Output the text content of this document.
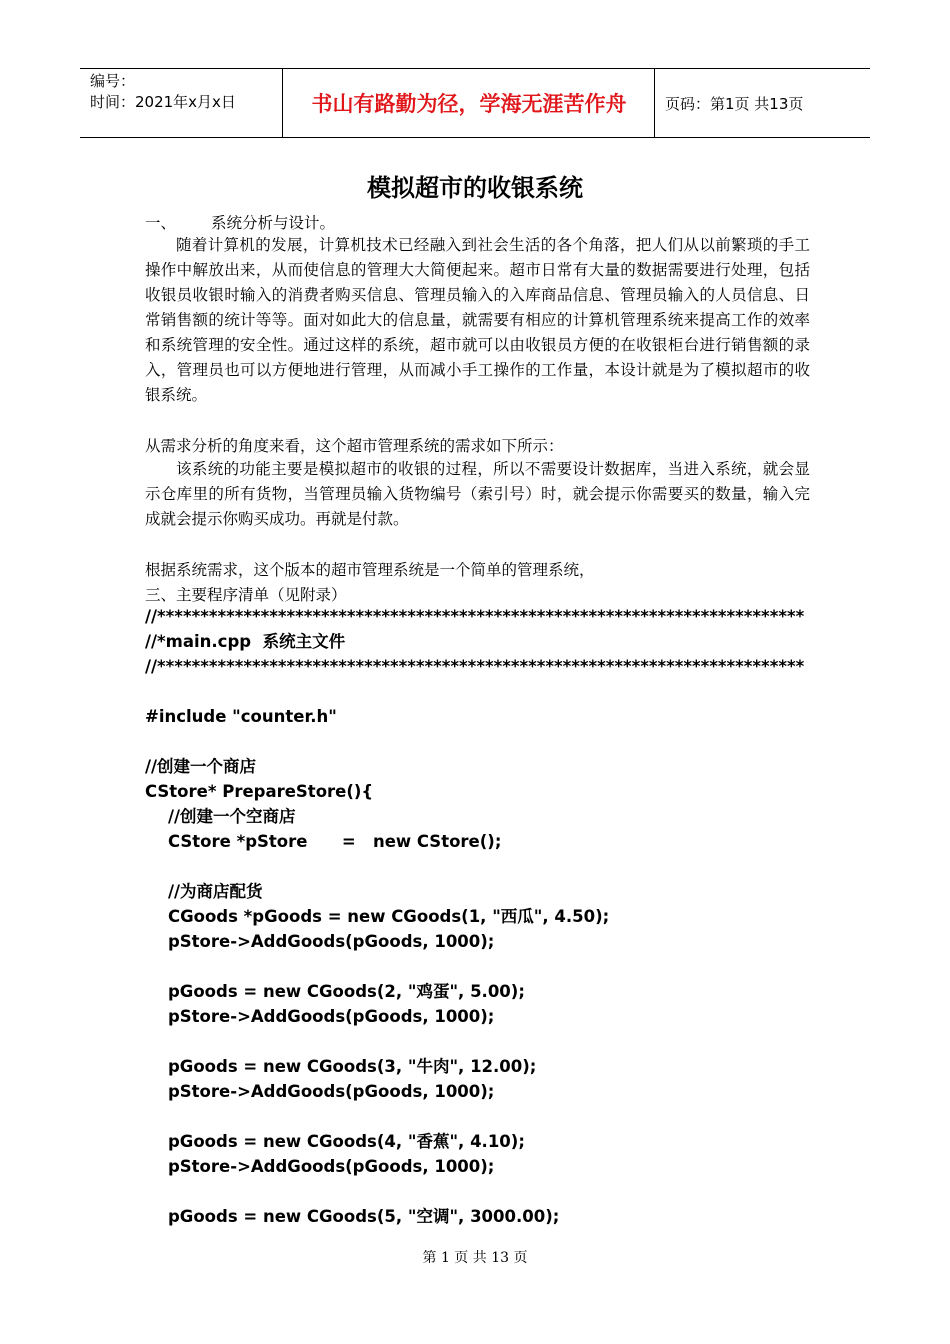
编号：
时间：2021年x月x日	书山有路勤为径，学海无涯苦作舟	页码：第1页 共13页
模拟超市的收银系统
一、 系统分析与设计。

随着计算机的发展，计算机技术已经融入到社会生活的各个角落，把人们从以前繁琐的手工操作中解放出来，从而使信息的管理大大简便起来。超市日常有大量的数据需要进行处理，包括收银员收银时输入的消费者购买信息、管理员输入的入库商品信息、管理员输入的人员信息、日常销售额的统计等等。面对如此大的信息量，就需要有相应的计算机管理系统来提高工作的效率和系统管理的安全性。通过这样的系统，超市就可以由收银员方便的在收银柜台进行销售额的录入，管理员也可以方便地进行管理，从而减小手工操作的工作量，本设计就是为了模拟超市的收银系统。

从需求分析的角度来看，这个超市管理系统的需求如下所示：

该系统的功能主要是模拟超市的收银的过程，所以不需要设计数据库，当进入系统，就会显示仓库里的所有货物，当管理员输入货物编号（索引号）时，就会提示你需要买的数量，输入完成就会提示你购买成功。再就是付款。

根据系统需求，这个版本的超市管理系统是一个简单的管理系统，

三、主要程序清单（见附录）

//***************************************************************************
//*main.cpp  系统主文件
//***************************************************************************

#include "counter.h"

//创建一个商店
CStore* PrepareStore(){
//创建一个空商店
CStore *pStore      =   new CStore();

//为商店配货
CGoods *pGoods = new CGoods(1, "西瓜", 4.50);
pStore->AddGoods(pGoods, 1000);

pGoods = new CGoods(2, "鸡蛋", 5.00);
pStore->AddGoods(pGoods, 1000);

pGoods = new CGoods(3, "牛肉", 12.00);
pStore->AddGoods(pGoods, 1000);

pGoods = new CGoods(4, "香蕉", 4.10);
pStore->AddGoods(pGoods, 1000);

pGoods = new CGoods(5, "空调", 3000.00);
第 1 页 共 13 页
